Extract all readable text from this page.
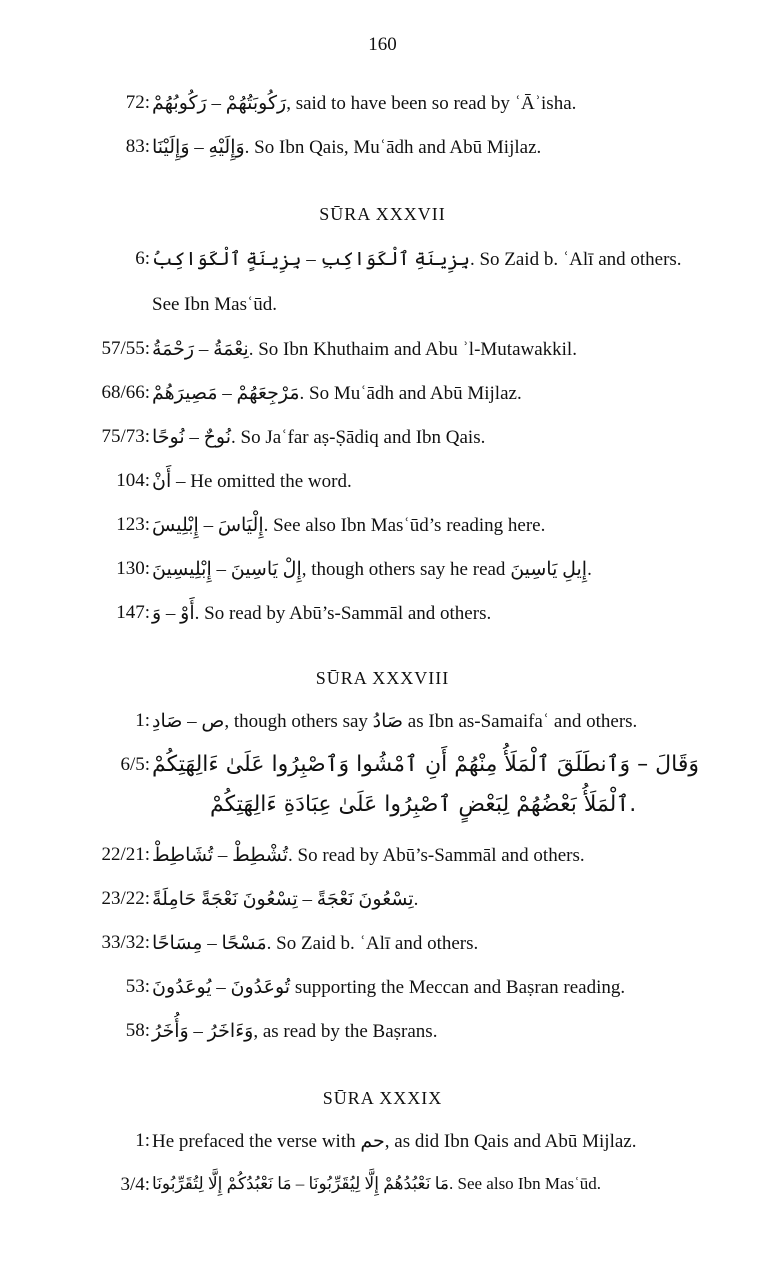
160
72: رَكُوبَتُهُمْ – رَكُوبُهُمْ, said to have been so read by ʿĀʾisha.
83: وَإِلَيْهِ – وَإِلَيْنَا. So Ibn Qais, Muʿādh and Abū Mijlaz.
SŪRA XXXVII
6: بِزِينَةِ ٱلْكَوَاكِبِ – بِزِينَةٍ ٱلْكَوَاكِبُ. So Zaid b. ʿAlī and others.
See Ibn Masʿūd.
57/55: نِعْمَةُ – رَحْمَةُ. So Ibn Khuthaim and Abu ʾl-Mutawakkil.
68/66: مَرْجِعَهُمْ – مَصِيرَهُمْ. So Muʿādh and Abū Mijlaz.
75/73: نُوحٌ – نُوحًا. So Jaʿfar aṣ-Ṣādiq and Ibn Qais.
104: أَنْ – He omitted the word.
123: إِلْيَاسَ – إِبْلِيسَ. See also Ibn Masʿūd’s reading here.
130: إِلْ يَاسِينَ – إِبْلِيسِينَ, though others say he read إِيلِ يَاسِينَ.
147: أَوْ – وَ. So read by Abū’s-Sammāl and others.
SŪRA XXXVIII
1: ص – صَادِ, though others say صَادُ as Ibn as-Samaifaʿ and others.
6/5: وَقَالَ – وَٱنطَلَقَ ٱلْمَلَأُ مِنْهُمْ أَنِ ٱمْشُوا وَٱصْبِرُوا عَلَىٰ ءَالِهَتِكُمْ
ٱلْمَلَأُ بَعْضُهُمْ لِبَعْضٍ ٱصْبِرُوا عَلَىٰ عِبَادَةِ ءَالِهَتِكُمْ.
22/21: تُشْطِطْ – تُشَاطِطْ. So read by Abū’s-Sammāl and others.
23/22: تِسْعُونَ نَعْجَةً – تِسْعُونَ نَعْجَةً حَامِلَةً.
33/32: مَسْحًا – مِسَاحًا. So Zaid b. ʿAlī and others.
53: تُوعَدُونَ – يُوعَدُونَ supporting the Meccan and Baṣran reading.
58: وَءَاخَرُ – وَأُخَرُ, as read by the Baṣrans.
SŪRA XXXIX
1: He prefaced the verse with حم, as did Ibn Qais and Abū Mijlaz.
3/4: مَا نَعْبُدُهُمْ إِلَّا لِيُقَرِّبُونَا – مَا نَعْبُدُكُمْ إِلَّا لِتُقَرِّبُونَا. See also Ibn Masʿūd.
